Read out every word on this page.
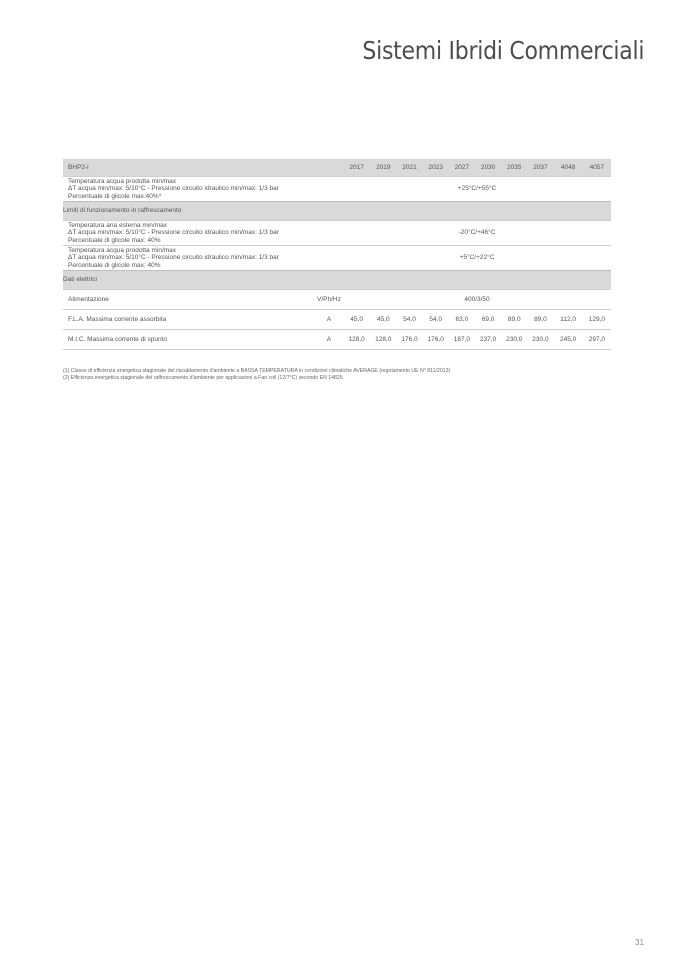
Sistemi Ibridi Commerciali
BHP2-i		2017	2019	2021	2023	2027	2030	2035	2037	4048	4057

Temperatura acqua prodotta min/max
ΔT acqua min/max: 5/10°C - Pressione circuito idraulico min/max: 1/3 bar
Percentuale di glicole max:40%*		+25°C/+55°C									
Limiti di funzionamento in raffrescamento											

Temperatura aria esterna min/max
ΔT acqua min/max: 5/10°C - Pressione circuito idraulico min/max: 1/3 bar
Percentuale di glicole max: 40%		-20°C/+46°C									

Temperatura acqua prodotta min/max
ΔT acqua min/max: 5/10°C - Pressione circuito idraulico min/max: 1/3 bar
Percentuale di glicole max: 40%		+5°C/+22°C									
Dati elettrici											
Alimentazione	V/Ph/Hz	400/3/50									
F.L.A. Massima corrente assorbita	A	45,0	45,0	54,0	54,0	63,0	69,0	89,0	89,0	112,0	129,0
M.I.C. Massima corrente di spunto	A	128,0	128,0	176,0	176,0	187,0	237,0	230,0	230,0	245,0	297,0
(1) Classe di efficienza energetica stagionale del riscaldamento d'ambiente a BASSA TEMPERATURA in condizioni climatiche AVERAGE (regolamento UE N° 811/2013)
(2) Efficienza energetica stagionale del raffrescamento d'ambiente per applicazioni a Fan coil (12/7°C) secondo EN 14825
31
